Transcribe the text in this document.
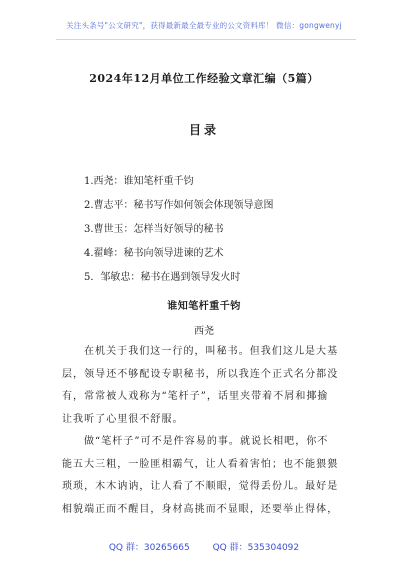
关注头条号"公文研究"，获得最新最全最专业的公文资料库！ 微信：gongwenyj
2024年12月单位工作经验文章汇编（5篇）
目录
1.西尧：谁知笔杆重千钧
2.曹志平：秘书写作如何领会体现领导意图
3.曹世玉：怎样当好领导的秘书
4.翟峰：秘书向领导进谏的艺术
5．邹敏忠：秘书在遇到领导发火时
谁知笔杆重千钧
西尧
在机关于我们这一行的，叫秘书。但我们这儿是大基
层，领导还不够配设专职秘书，所以我连个正式名分都没
有，常常被人戏称为“笔杆子”，话里夹带着不屑和揶揄
让我听了心里很不舒服。
做“笔杆子”可不是件容易的事。就说长相吧，你不
能五大三粗，一脸匪相霸气，让人看着害怕；也不能猥猥
琐琐，木木讷讷，让人看了不顺眼，觉得丢份儿。最好是
相貌端正而不醒目，身材高挑而不显眼，还要举止得体，
QQ 群：30265665	QQ 群：535304092
